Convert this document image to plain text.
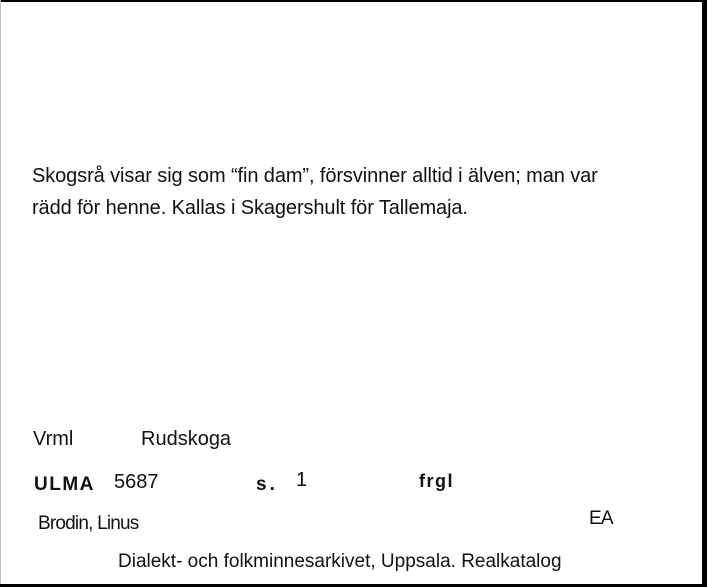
Skogsrå visar sig som “fin dam”, försvinner alltid i älven; man var
rädd för henne. Kallas i Skagershult för Tallemaja.
Vrml	Rudskoga
ULMA 5687	s. 1	frgl
Brodin, Linus	EA
Dialekt- och folkminnesarkivet, Uppsala. Realkatalog
